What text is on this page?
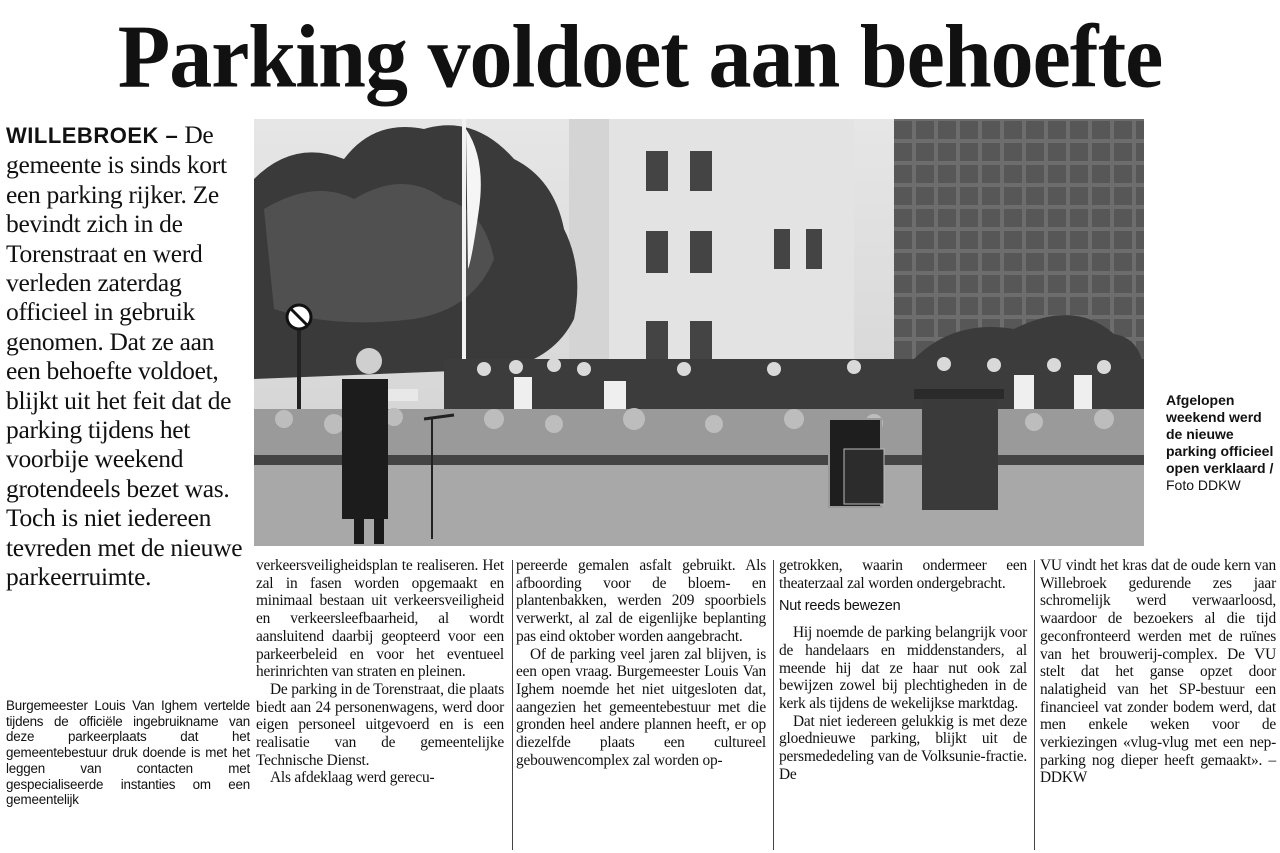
Parking voldoet aan behoefte
WILLEBROEK – De gemeente is sinds kort een parking rijker. Ze bevindt zich in de Torenstraat en werd verleden zaterdag officieel in gebruik genomen. Dat ze aan een behoefte voldoet, blijkt uit het feit dat de parking tijdens het voorbije weekend grotendeels bezet was. Toch is niet iedereen tevreden met de nieuwe parkeerruimte.
Afgelopen weekend werd de nieuwe parking officieel open verklaard / Foto DDKW

Burgemeester Louis Van Ighem vertelde tijdens de officiële ingebruikname van deze parkeerplaats dat het gemeentebestuur druk doende is met het leggen van contacten met gespecialiseerde instanties om een gemeentelijk

verkeersveiligheidsplan te realiseren. Het zal in fasen worden opgemaakt en minimaal bestaan uit verkeersveiligheid en verkeersleefbaarheid, al wordt aansluitend daarbij geopteerd voor een parkeerbeleid en voor het eventueel herinrichten van straten en pleinen.

De parking in de Torenstraat, die plaats biedt aan 24 personenwagens, werd door eigen personeel uitgevoerd en is een realisatie van de gemeentelijke Technische Dienst.

Als afdeklaag werd gerecu-

pereerde gemalen asfalt gebruikt. Als afboording voor de bloem- en plantenbakken, werden 209 spoorbiels verwerkt, al zal de eigenlijke beplanting pas eind oktober worden aangebracht.

Of de parking veel jaren zal blijven, is een open vraag. Burgemeester Louis Van Ighem noemde het niet uitgesloten dat, aangezien het gemeentebestuur met die gronden heel andere plannen heeft, er op diezelfde plaats een cultureel gebouwencomplex zal worden op-

getrokken, waarin ondermeer een theaterzaal zal worden ondergebracht.

Nut reeds bewezen

Hij noemde de parking belangrijk voor de handelaars en middenstanders, al meende hij dat ze haar nut ook zal bewijzen zowel bij plechtigheden in de kerk als tijdens de wekelijkse marktdag.

Dat niet iedereen gelukkig is met deze gloednieuwe parking, blijkt uit de persmededeling van de Volksunie-fractie. De

VU vindt het kras dat de oude kern van Willebroek gedurende zes jaar schromelijk werd verwaarloosd, waardoor de bezoekers al die tijd geconfronteerd werden met de ruïnes van het brouwerij-complex. De VU stelt dat het ganse opzet door nalatigheid van het SP-bestuur een financieel vat zonder bodem werd, dat men enkele weken voor de verkiezingen «vlug-vlug met een nep-parking nog dieper heeft gemaakt». – DDKW
